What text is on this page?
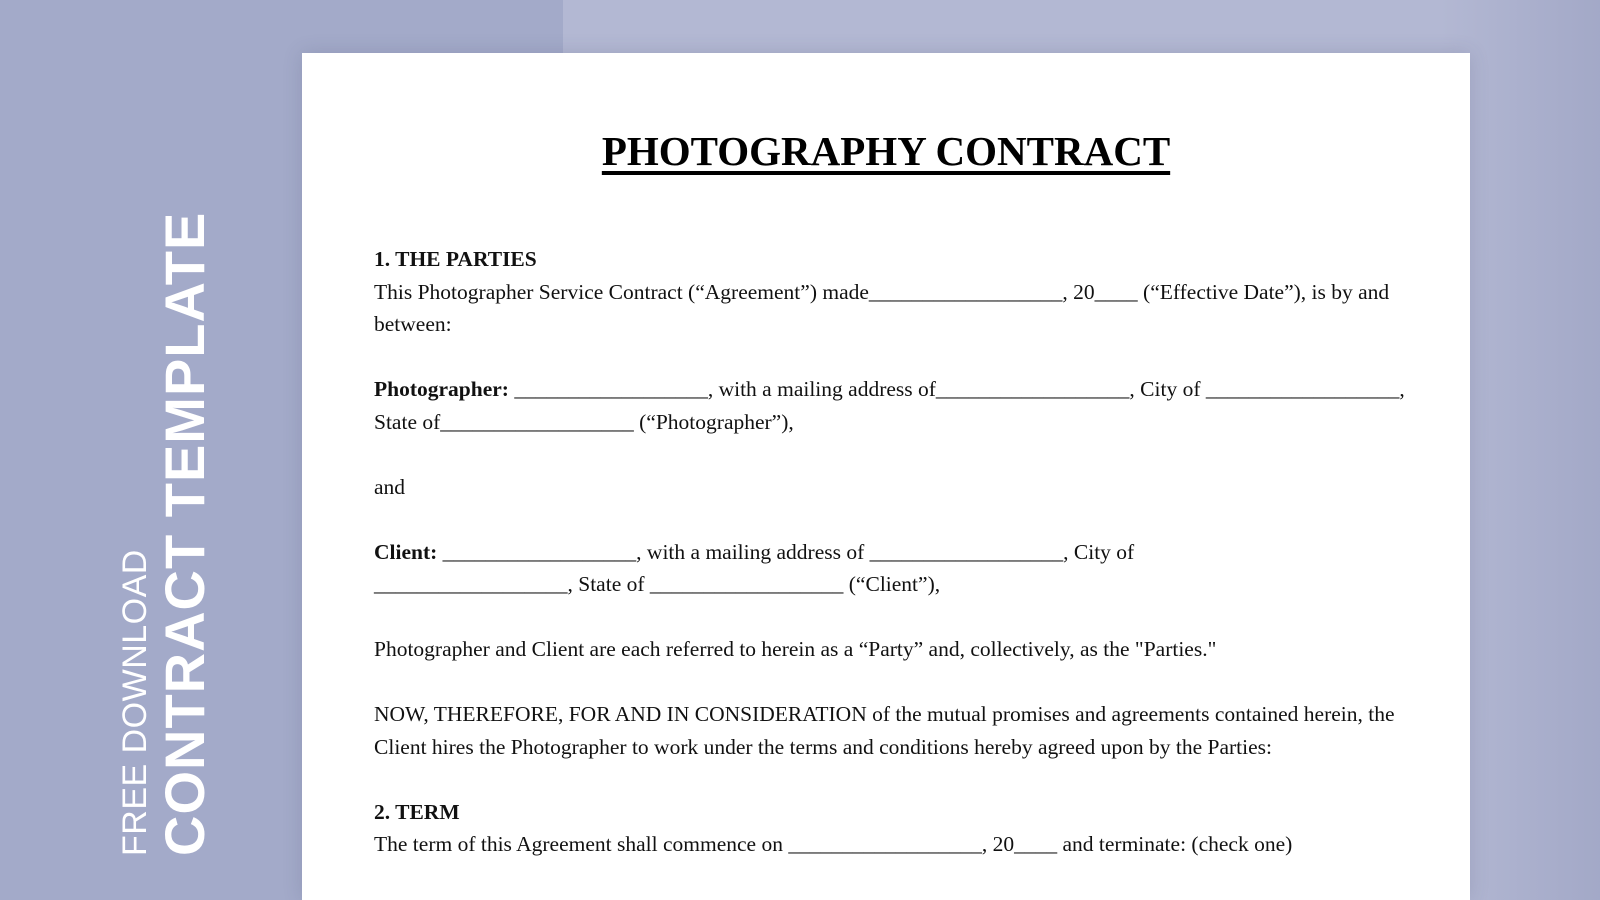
FREE DOWNLOAD CONTRACT TEMPLATE
PHOTOGRAPHY CONTRACT

1. THE PARTIES

This Photographer Service Contract (“Agreement”) made__________________, 20____ (“Effective Date”), is by and between:

Photographer: __________________, with a mailing address of__________________, City of __________________, State of__________________ (“Photographer”),

and

Client: __________________, with a mailing address of __________________, City of __________________, State of __________________ (“Client”),

Photographer and Client are each referred to herein as a “Party” and, collectively, as the "Parties."

NOW, THEREFORE, FOR AND IN CONSIDERATION of the mutual promises and agreements contained herein, the Client hires the Photographer to work under the terms and conditions hereby agreed upon by the Parties:

2. TERM

The term of this Agreement shall commence on __________________, 20____ and terminate: (check one)
